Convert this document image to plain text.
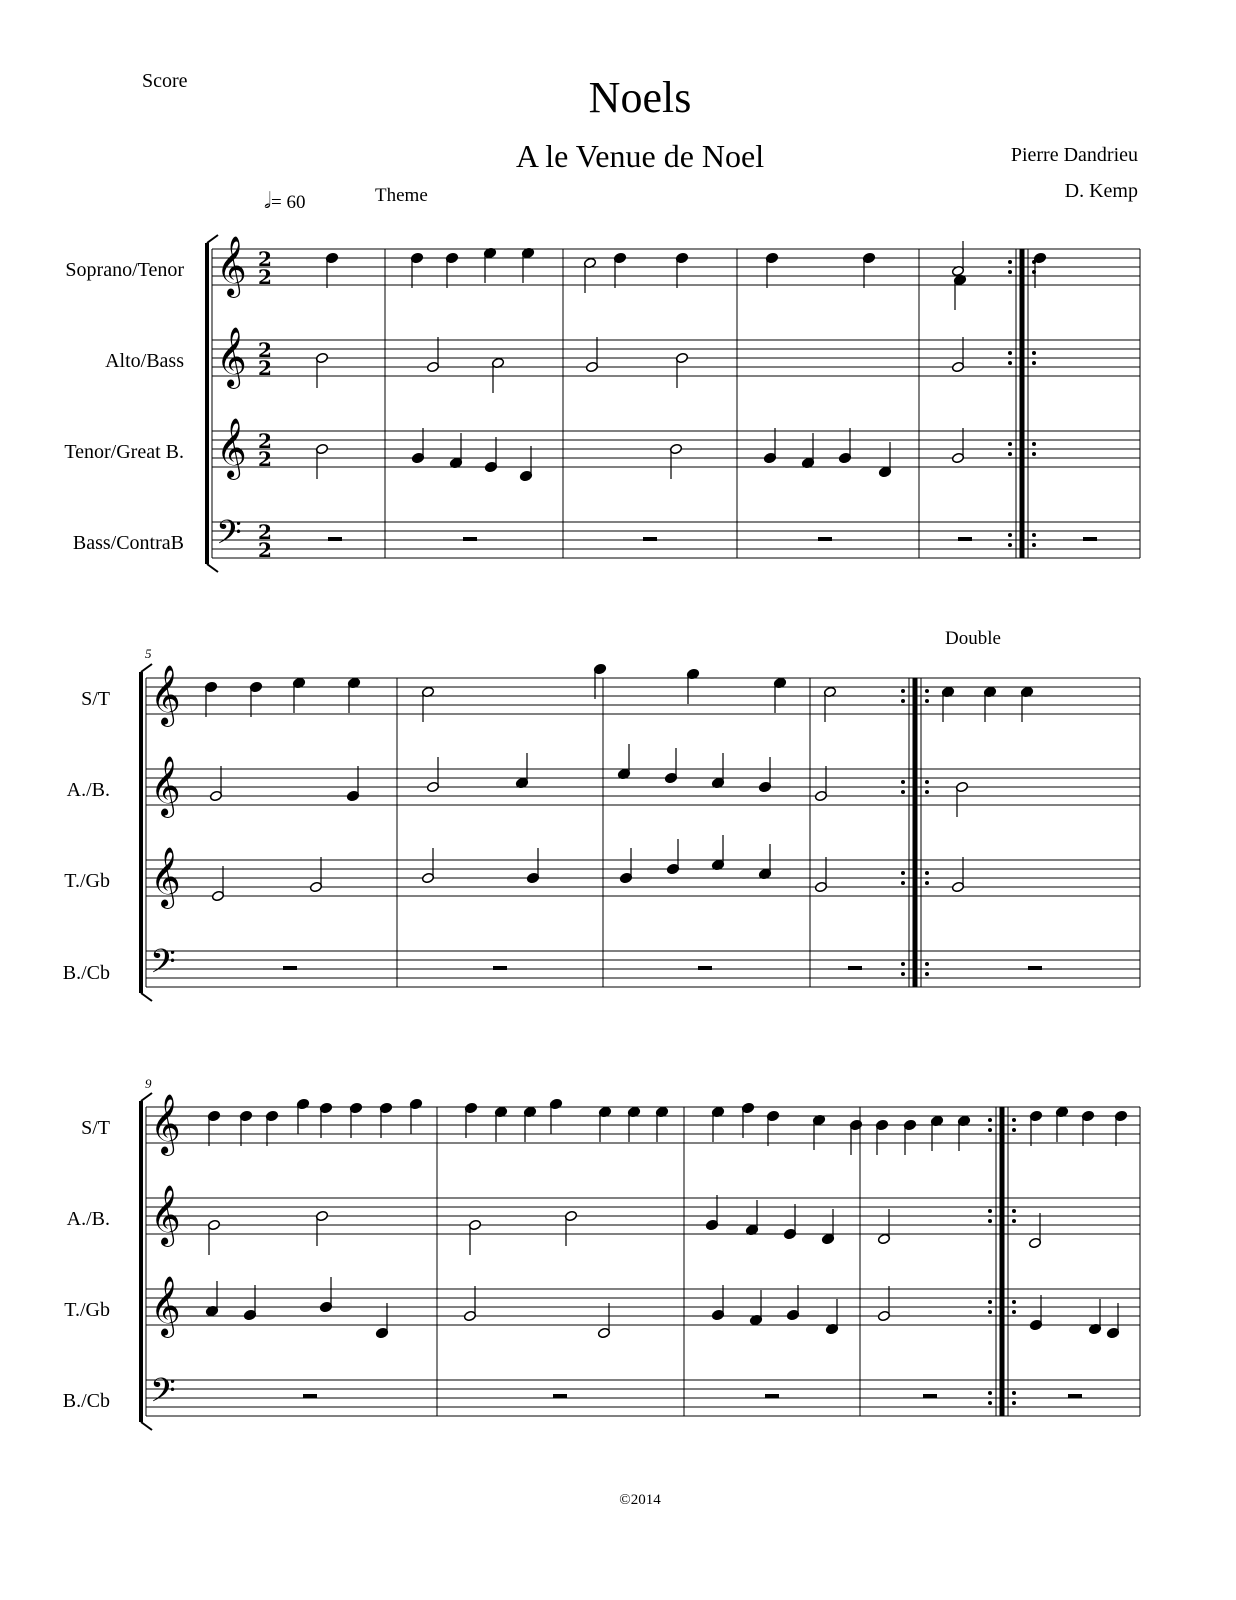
Score	Noels
A le Venue de Noel	Pierre Dandrieu
D. Kemp
𝅗𝅥= 60	Theme
Double
Soprano/Tenor
Alto/Bass
Tenor/Great B.
Bass/ContraB
S/T
A./B.
T./Gb
B./Cb
S/T
A./B.
T./Gb
B./Cb
5
9
𝄞 2
2
𝄞 2
2
𝄞 2
2
𝄢 2
2
𝄞
𝄞
𝄞
𝄢
𝄞
𝄞
𝄞
𝄢
©2014
